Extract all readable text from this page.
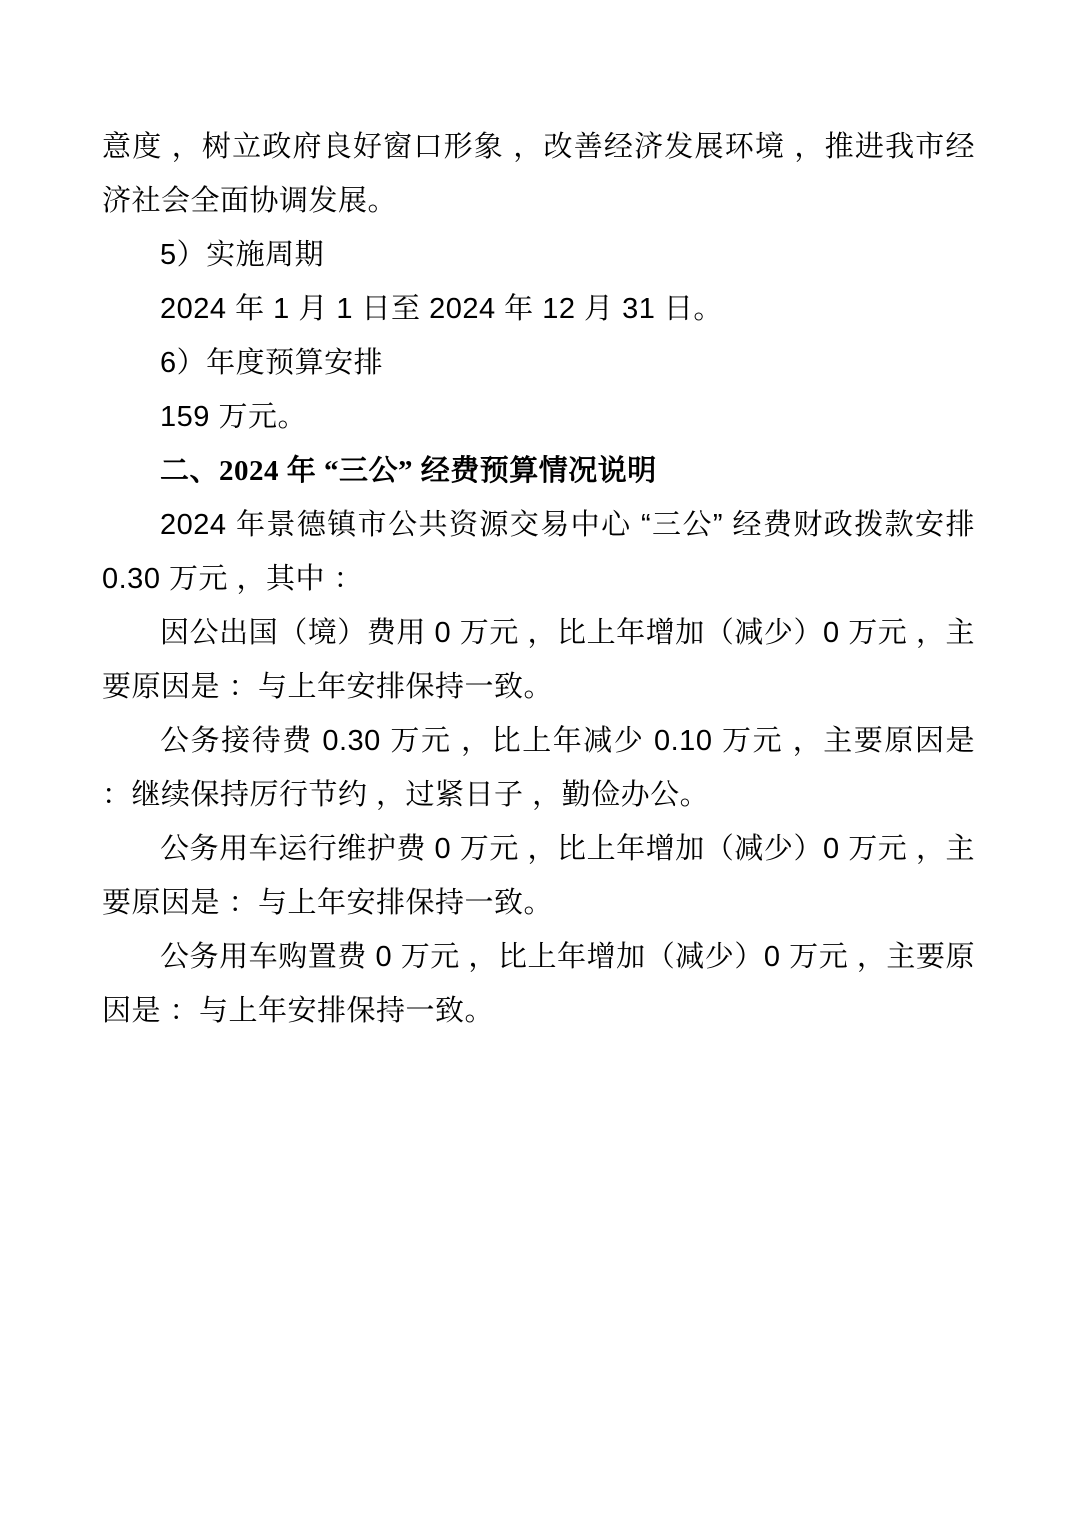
意度 ，树立政府良好窗口形象 ，改善经济发展环境 ，推进我市经济社会全面协调发展。

5）实施周期

2024 年 1 月 1 日至 2024 年 12 月 31 日。

6）年度预算安排

159 万元。

二、2024 年 “三公” 经费预算情况说明

2024 年景德镇市公共资源交易中心 “三公” 经费财政拨款安排 0.30 万元 ，其中 ：

因公出国（境）费用 0 万元 ，比上年增加（减少）0 万元 ，主要原因是 ：与上年安排保持一致。

公务接待费 0.30 万元 ，比上年减少 0.10 万元 ，主要原因是 ：继续保持厉行节约 ，过紧日子 ，勤俭办公。

公务用车运行维护费 0 万元 ，比上年增加（减少）0 万元 ，主要原因是 ：与上年安排保持一致。

公务用车购置费 0 万元 ，比上年增加（减少）0 万元 ，主要原因是 ：与上年安排保持一致。
